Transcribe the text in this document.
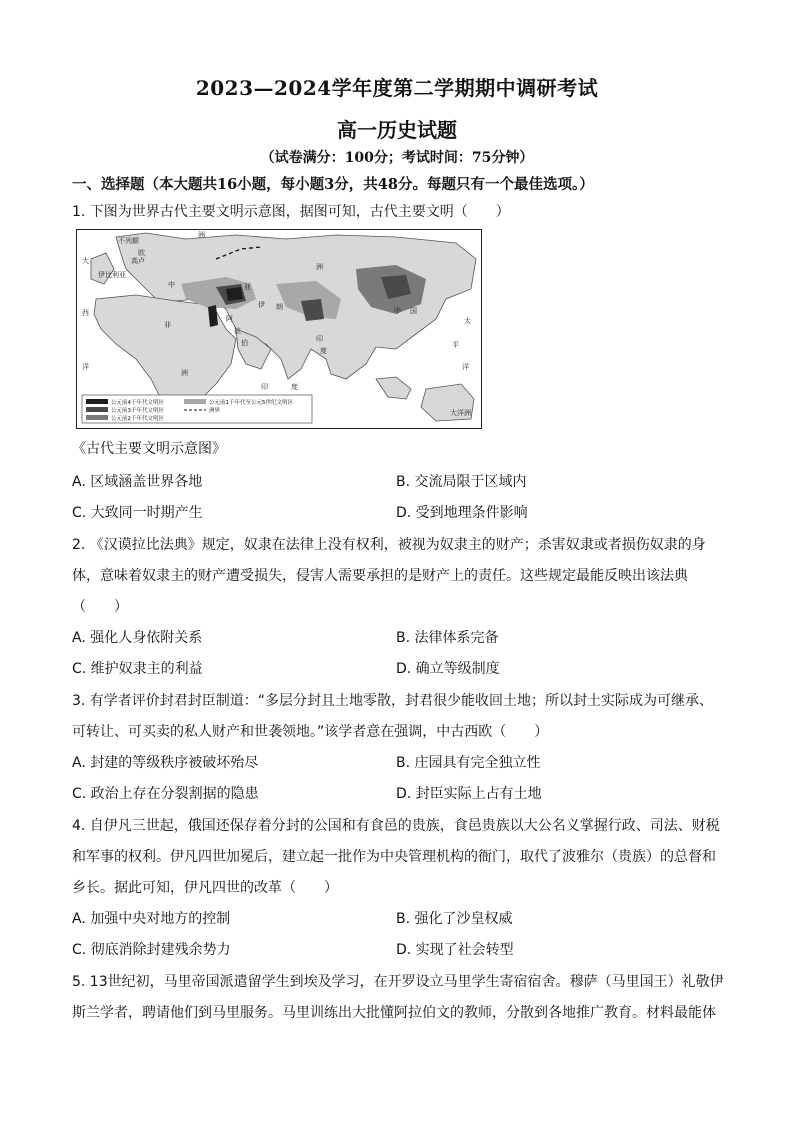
2023—2024学年度第二学期期中调研考试
高一历史试题
（试卷满分：100分；考试时间：75分钟）
一、选择题（本大题共16小题，每小题3分，共48分。每题只有一个最佳选项。）
1. 下图为世界古代主要文明示意图，据图可知，古代主要文明（　　）
不列颠
欧
洲
高卢
伊比利亚
大
西
洋
中
非
洲
阿
拉
伯
伊 朗
亚
洲
印
度
印	度
中 国
太
平
洋
大洋洲
公元前4千年代文明区
公元前3千年代文明区
公元前2千年代文明区
公元前1千年代至公元5世纪文明区
洲界
《古代主要文明示意图》
A. 区域涵盖世界各地	B. 交流局限于区域内
C. 大致同一时期产生	D. 受到地理条件影响
2. 《汉谟拉比法典》规定，奴隶在法律上没有权利，被视为奴隶主的财产；杀害奴隶或者损伤奴隶的身体，意味着奴隶主的财产遭受损失，侵害人需要承担的是财产上的责任。这些规定最能反映出该法典（　　）
A. 强化人身依附关系	B. 法律体系完备
C. 维护奴隶主的利益	D. 确立等级制度
3. 有学者评价封君封臣制道：“多层分封且土地零散，封君很少能收回土地；所以封土实际成为可继承、可转让、可买卖的私人财产和世袭领地。”该学者意在强调，中古西欧（　　）
A. 封建的等级秩序被破坏殆尽	B. 庄园具有完全独立性
C. 政治上存在分裂割据的隐患	D. 封臣实际上占有土地
4. 自伊凡三世起，俄国还保存着分封的公国和有食邑的贵族，食邑贵族以大公名义掌握行政、司法、财税和军事的权利。伊凡四世加冕后，建立起一批作为中央管理机构的衙门，取代了波雅尔（贵族）的总督和乡长。据此可知，伊凡四世的改革（　　）
A. 加强中央对地方的控制	B. 强化了沙皇权威
C. 彻底消除封建残余势力	D. 实现了社会转型
5. 13世纪初，马里帝国派遣留学生到埃及学习，在开罗设立马里学生寄宿宿舍。穆萨（马里国王）礼敬伊斯兰学者，聘请他们到马里服务。马里训练出大批懂阿拉伯文的教师，分散到各地推广教育。材料最能体
